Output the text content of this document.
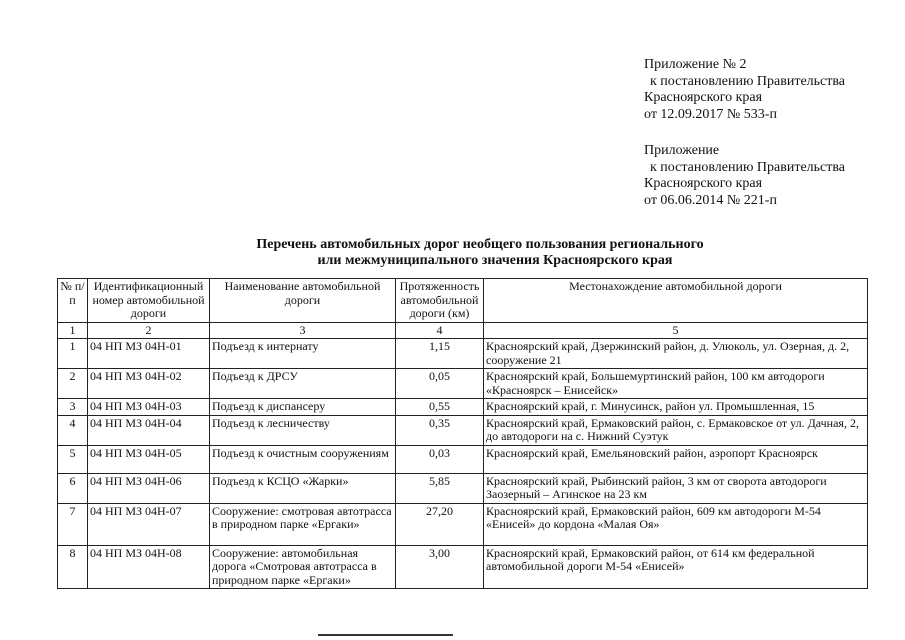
Приложение № 2
к постановлению Правительства
Красноярского края
от 12.09.2017 № 533-п
Приложение
к постановлению Правительства
Красноярского края
от 06.06.2014 № 221-п
Перечень автомобильных дорог необщего пользования регионального
или межмуниципального значения Красноярского края
№ п/п	Идентификационный номер автомобильной дороги	Наименование автомобильной дороги	Протяженность автомобильной дороги (км)	Местонахождение автомобильной дороги
1	2	3	4	5
1	04 НП МЗ 04Н-01	Подъезд к интернату	1,15	Красноярский край, Дзержинский район, д. Улюколь, ул. Озерная, д. 2, сооружение 21
2	04 НП МЗ 04Н-02	Подъезд к ДРСУ	0,05	Красноярский край, Большемуртинский район, 100 км автодороги «Красноярск – Енисейск»
3	04 НП МЗ 04Н-03	Подъезд к диспансеру	0,55	Красноярский край, г. Минусинск, район ул. Промышленная, 15
4	04 НП МЗ 04Н-04	Подъезд к лесничеству	0,35	Красноярский край, Ермаковский район, с. Ермаковское от ул. Дачная, 2, до автодороги на с. Нижний Суэтук
5	04 НП МЗ 04Н-05	Подъезд к очистным сооружениям	0,03	Красноярский край, Емельяновский район, аэропорт Красноярск
6	04 НП МЗ 04Н-06	Подъезд к КСЦО «Жарки»	5,85	Красноярский край, Рыбинский район, 3 км от сворота автодороги Заозерный – Агинское на 23 км
7	04 НП МЗ 04Н-07	Сооружение: смотровая автотрасса в природном парке «Ергаки»	27,20	Красноярский край, Ермаковский район, 609 км автодороги М-54 «Енисей» до кордона «Малая Оя»
8	04 НП МЗ 04Н-08	Сооружение: автомобильная дорога «Смотровая автотрасса в природном парке «Ергаки»	3,00	Красноярский край, Ермаковский район, от 614 км федеральной автомобильной дороги М-54 «Енисей»
